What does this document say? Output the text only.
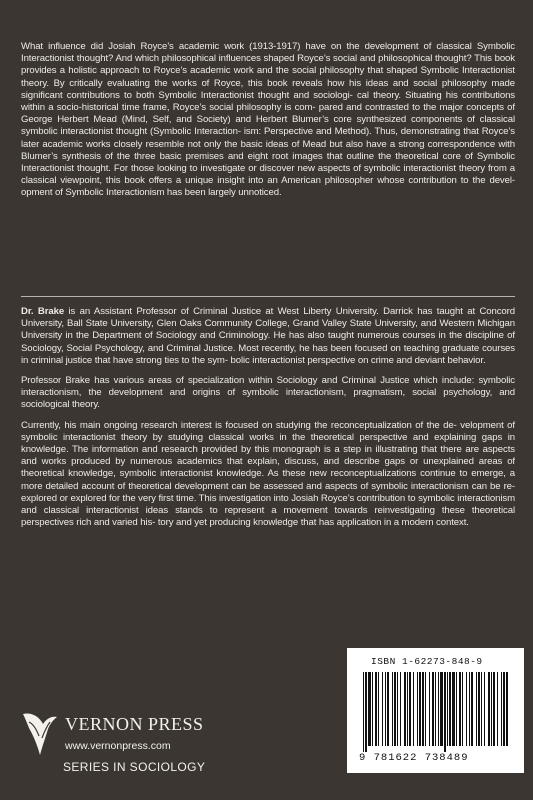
What influence did Josiah Royce’s academic work (1913-1917) have on the development of classical Symbolic Interactionist thought? And which philosophical influences shaped Royce’s social and philosophical thought? This book provides a holistic approach to Royce’s academic work and the social philosophy that shaped Symbolic Interactionist theory. By critically evaluating the works of Royce, this book reveals how his ideas and social philosophy made significant contributions to both Symbolic Interactionist thought and sociologi- cal theory. Situating his contributions within a socio-historical time frame, Royce’s social philosophy is com- pared and contrasted to the major concepts of George Herbert Mead (Mind, Self, and Society) and Herbert Blumer’s core synthesized components of classical symbolic interactionist thought (Symbolic Interaction- ism: Perspective and Method). Thus, demonstrating that Royce’s later academic works closely resemble not only the basic ideas of Mead but also have a strong correspondence with Blumer’s synthesis of the three basic premises and eight root images that outline the theoretical core of Symbolic Interactionist thought. For those looking to investigate or discover new aspects of symbolic interactionist theory from a classical viewpoint, this book offers a unique insight into an American philosopher whose contribution to the devel- opment of Symbolic Interactionism has been largely unnoticed.

Dr. Brake is an Assistant Professor of Criminal Justice at West Liberty University. Darrick has taught at Concord University, Ball State University, Glen Oaks Community College, Grand Valley State University, and Western Michigan University in the Department of Sociology and Criminology. He has also taught numerous courses in the discipline of Sociology, Social Psychology, and Criminal Justice. Most recently, he has been focused on teaching graduate courses in criminal justice that have strong ties to the sym- bolic interactionist perspective on crime and deviant behavior.

Professor Brake has various areas of specialization within Sociology and Criminal Justice which include: symbolic interactionism, the development and origins of symbolic interactionism, pragmatism, social psychology, and sociological theory.

Currently, his main ongoing research interest is focused on studying the reconceptualization of the de- velopment of symbolic interactionist theory by studying classical works in the theoretical perspective and explaining gaps in knowledge. The information and research provided by this monograph is a step in illustrating that there are aspects and works produced by numerous academics that explain, discuss, and describe gaps or unexplained areas of theoretical knowledge, symbolic interactionist knowledge. As these new reconceptualizations continue to emerge, a more detailed account of theoretical development can be assessed and aspects of symbolic interactionism can be re-explored or explored for the very first time. This investigation into Josiah Royce’s contribution to symbolic interactionism and classical interactionist ideas stands to represent a movement towards reinvestigating these theoretical perspectives rich and varied his- tory and yet producing knowledge that has application in a modern context.

ISBN 1-62273-848-9
9 781622 738489
VERNON PRESS
www.vernonpress.com
SERIES IN SOCIOLOGY
